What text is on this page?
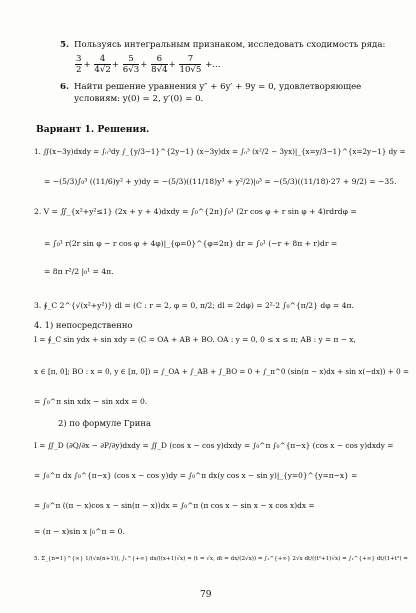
5. Пользуясь интегральным признаком, исследовать сходимость ряда:
$\frac{3}{2} + \frac{4}{4√2} + \frac{5}{6√3} + \frac{6}{8√4} + \frac{7}{10√5}$ +...
6. Найти решение уравнения y″ + 6y′ + 9y = 0, удовлетворяющее
условиям: y(0) = 2, y′(0) = 0.
Вариант 1. Решения.
1. ∬(x−3y)dxdy = ∫₀³dy ∫_{y/3−1}^{2y−1} (x−3y)dx = ∫₀³ (x²/2 − 3yx)|_{x=y/3−1}^{x=2y−1} dy =
= −(5/3)∫₀³ ((11/6)y² + y)dy = −(5/3)((11/18)y³ + y²/2)|₀³ = −(5/3)((11/18)·27 + 9/2) = −35.
2. V = ∬_{x²+y²≤1} (2x + y + 4)dxdy = ∫₀^{2π}∫₀¹ (2r cos φ + r sin φ + 4)rdrdφ =
= ∫₀¹ r(2r sin φ − r cos φ + 4φ)|_{φ=0}^{φ=2π} dr = ∫₀¹ (−r + 8π + r)dr =
= 8π r²/2 |₀¹ = 4π.
3. ∮_C 2^{√(x²+y²)} dl = (C : r = 2, φ = 0, π/2; dl = 2dφ) = 2²·2 ∫₀^{π/2} dφ = 4π.
4. 1) непосредственно
I = ∮_C sin ydx + sin xdy = (C = OA + AB + BO. OA : y = 0, 0 ≤ x ≤ π; AB : y = π − x,
x ∈ [π, 0]; BO : x = 0, y ∈ [π, 0]) = ∫_OA + ∫_AB + ∫_BO = 0 + ∫_π^0 (sin(π − x)dx + sin x(−dx)) + 0 =
= ∫₀^π sin xdx − sin xdx = 0.
2) по формуле Грина
I = ∬_D (∂Q/∂x − ∂P/∂y)dxdy = ∬_D (cos x − cos y)dxdy = ∫₀^π ∫₀^{π−x} (cos x − cos y)dxdy =
= ∫₀^π dx ∫₀^{π−x} (cos x − cos y)dy = ∫₀^π dx(y cos x − sin y)|_{y=0}^{y=π−x} =
= ∫₀^π ((π − x)cos x − sin(π − x))dx = ∫₀^π (π cos x − sin x − x cos x)dx =
= (π − x)sin x |₀^π = 0.
5. Σ_{n=1}^{∞} 1/(√n(n+1)), ∫₁^{+∞} dx/((x+1)√x) = (t = √x, dt = dx/(2√x)) = ∫₁^{+∞} 2√x dt/((t²+1)√x) = ∫₁^{+∞} dt/(1+t²) =
79
